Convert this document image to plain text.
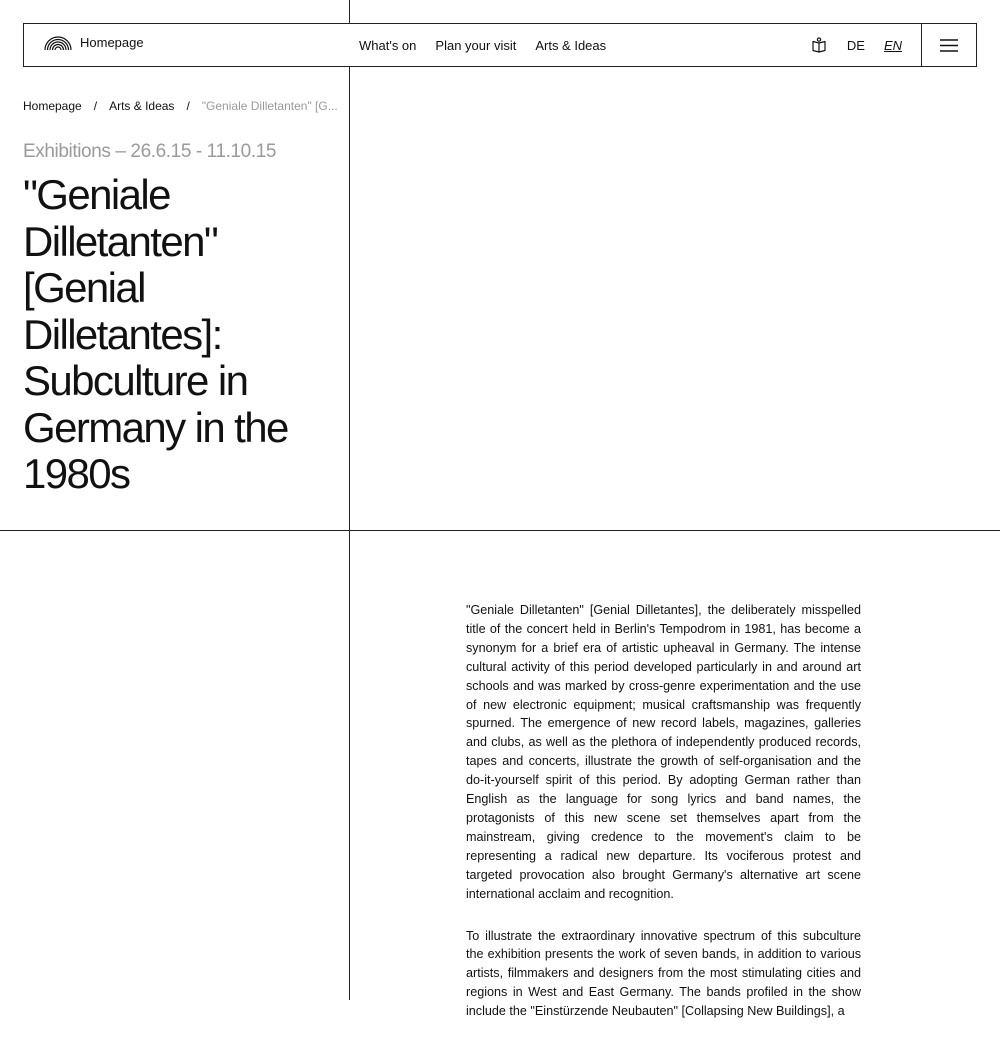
Homepage	What's on Plan your visit Arts & Ideas	DE EN
Homepage / Arts & Ideas / "Geniale Dilletanten" [G...
Exhibitions – 26.6.15 - 11.10.15
"Geniale Dilletanten" [Genial Dilletantes]: Subculture in Germany in the 1980s

"Geniale Dilletanten" [Genial Dilletantes], the deliberately misspelled title of the concert held in Berlin's Tempodrom in 1981, has become a synonym for a brief era of artistic upheaval in Germany. The intense cultural activity of this period developed particularly in and around art schools and was marked by cross-genre experimentation and the use of new electronic equipment; musical craftsmanship was frequently spurned. The emergence of new record labels, magazines, galleries and clubs, as well as the plethora of independently produced records, tapes and concerts, illustrate the growth of self-organisation and the do-it-yourself spirit of this period. By adopting German rather than English as the language for song lyrics and band names, the protagonists of this new scene set themselves apart from the mainstream, giving credence to the movement's claim to be representing a radical new departure. Its vociferous protest and targeted provocation also brought Germany's alternative art scene international acclaim and recognition.

To illustrate the extraordinary innovative spectrum of this subculture the exhibition presents the work of seven bands, in addition to various artists, filmmakers and designers from the most stimulating cities and regions in West and East Germany. The bands profiled in the show include the "Einstürzende Neubauten" [Collapsing New Buildings], a
